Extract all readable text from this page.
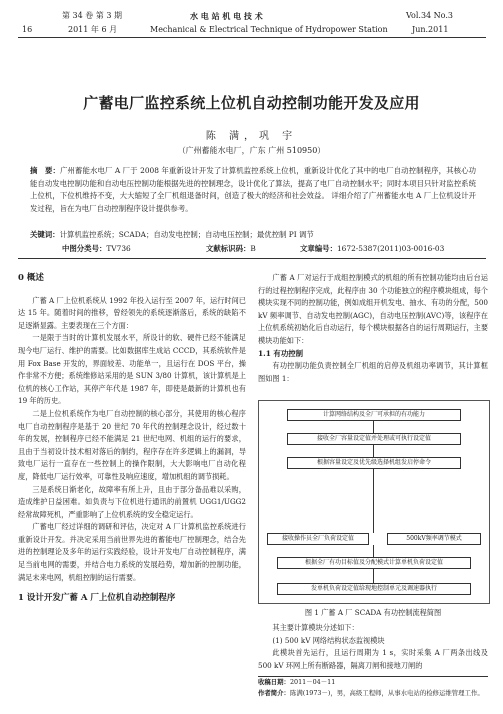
第 34 卷 第 3 期	水 电 站 机 电 技 术	Vol.34 No.3
16	2011 年 6 月	Mechanical & Electrical Technique of Hydropower Station	Jun.2011
广蓄电厂监控系统上位机自动控制功能开发及应用
陈 满，巩 宇
（广州蓄能水电厂，广东 广州 510950）
摘　要：广州蓄能水电厂 A 厂于 2008 年重新设计开发了计算机监控系统上位机，重新设计优化了其中的电厂自动控制程序，其核心功能自动发电控制功能和自动电压控制功能根据先进的控制理念，设计优化了算法，提高了电厂自动控制水平；同时本项目只针对监控系统上位机，下位机维持不变，大大缩短了全厂机组退备时间，创造了极大的经济和社会效益。 详细介绍了广州蓄能水电 A 厂上位机设计开发过程，旨在为电厂自动控制程序设计提供参考。
关键词：计算机监控系统；SCADA；自动发电控制；自动电压控制；最优控制 PI 调节
中图分类号：TV736	文献标识码：B	文章编号：1672-5387(2011)03-0016-03

0 概述

广蓄 A 厂上位机系统从 1992 年投入运行至 2007 年，运行时间已达 15 年。随着时间的推移，曾经领先的系统逐渐落后，系统的缺陷不足逐渐显露。主要表现在三个方面：

一是限于当时的计算机发展水平，所设计的软、硬件已经不能满足现今电厂运行、维护的需要。比如数据库生成站 CCCD，其系统软件是用 Fox Base 开发的，界面较差、功能单一，且运行在 DOS 平台，操作非常不方便；系统维修站采用的是 SUN 3/80 计算机，该计算机是上位机的核心工作站，其停产年代是 1987 年，即使是最新的计算机也有 19 年的历史。

二是上位机系统作为电厂自动控制的核心部分，其使用的核心程序电厂自动控制程序是基于 20 世纪 70 年代的控制理念设计，经过数十年的发展，控制程序已经不能满足 21 世纪电网、机组的运行的要求，且由于当初设计技术相对落后的制约，程序存在许多逻辑上的漏洞，导致电厂运行一直存在一些控制上的操作限制，大大影响电厂自动化程度，降低电厂运行效率，可靠性及响应速度，增加机组的调节损耗。

三是系统日渐老化，故障率有所上升，且由于部分备品难以采购，造成维护日益困难。如负责与下位机进行通讯的前置机 UGG1/UGG2 经常故障死机，严重影响了上位机系统的安全稳定运行。

广蓄电厂经过详细的调研和评估，决定对 A 厂计算机监控系统进行重新设计开发。并决定采用当前世界先进的蓄能电厂控制理念，结合先进的控制理论及多年的运行实践经验，设计开发电厂自动控制程序，满足当前电网的需要，并结合电力系统的发展趋势，增加新的控制功能，满足未来电网，机组控制的运行需要。

1 设计开发广蓄 A 厂上位机自动控制程序

广蓄 A 厂对运行于成组控制模式的机组的所有控制功能均由后台运行的过程控制程序完成，此程序由 30 个功能独立的程序模块组成，每个模块实现不同的控制功能，例如成组开机发电、抽水、有功的分配，500 kV 频率调节、自动发电控制(AGC)，自动电压控制(AVC)等，该程序在上位机系统初始化后自动运行，每个模块根据各自的运行周期运行，主要模块功能如下：

1.1 有功控制

有功控制功能负责控制全厂机组的启停及机组功率调节，其计算框图如图 1：

计算网络结构及全厂可承担的有功能力
接收全厂容量设定值并处理或可执行设定值
根据容量设定及优先级选择机组发启停命令
接收操作员全厂负荷设定值	500kV频率调节模式
根据全厂有功目标值及分配模式计算单机负荷设定值
发单机负荷设定值给现地控制单元及调速器执行
图 1 广蓄 A 厂 SCADA 有功控制流程简图

其主要计算模块分述如下：

(1) 500 kV 网络结构状态监视模块

此模块首先运行，且运行周期为 1 s，实时采集 A 厂两条出线及 500 kV 环网上所有断路器，隔离刀闸和接地刀闸的

收稿日期：2011－04－11
作者简介：陈满(1973－)，男，高级工程师，从事水电站的检修运维管理工作。
